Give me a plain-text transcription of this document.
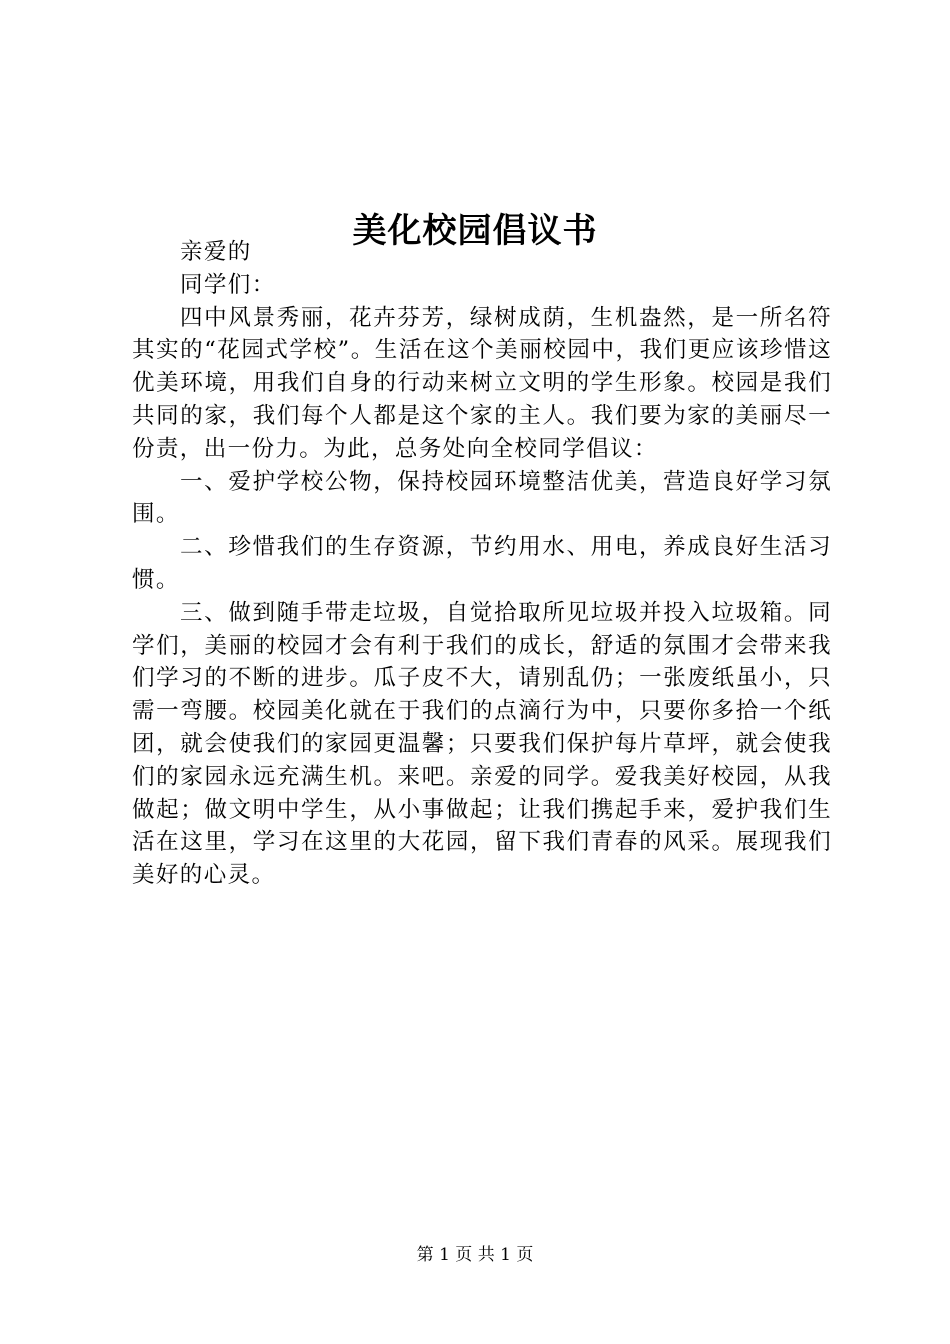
美化校园倡议书

亲爱的

同学们：

四中风景秀丽，花卉芬芳，绿树成荫，生机盎然，是一所名符其实的“花园式学校”。生活在这个美丽校园中，我们更应该珍惜这优美环境，用我们自身的行动来树立文明的学生形象。校园是我们共同的家，我们每个人都是这个家的主人。我们要为家的美丽尽一份责，出一份力。为此，总务处向全校同学倡议：

一、爱护学校公物，保持校园环境整洁优美，营造良好学习氛围。

二、珍惜我们的生存资源，节约用水、用电，养成良好生活习惯。

三、做到随手带走垃圾，自觉拾取所见垃圾并投入垃圾箱。同学们，美丽的校园才会有利于我们的成长，舒适的氛围才会带来我们学习的不断的进步。瓜子皮不大，请别乱仍；一张废纸虽小，只需一弯腰。校园美化就在于我们的点滴行为中，只要你多拾一个纸团，就会使我们的家园更温馨；只要我们保护每片草坪，就会使我们的家园永远充满生机。来吧。亲爱的同学。爱我美好校园，从我做起；做文明中学生，从小事做起；让我们携起手来，爱护我们生活在这里，学习在这里的大花园，留下我们青春的风采。展现我们美好的心灵。

第 1 页 共 1 页
